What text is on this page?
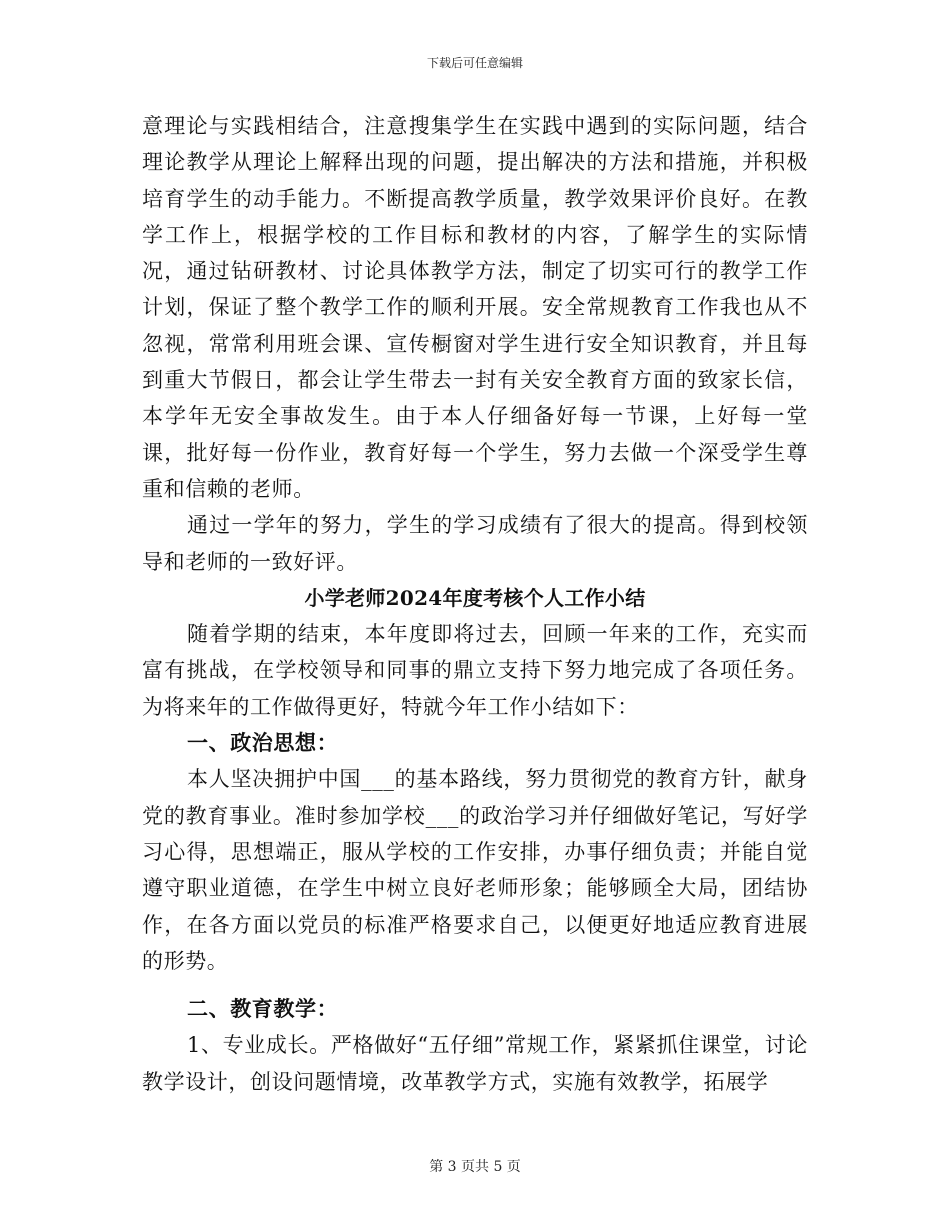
下载后可任意编辑

意理论与实践相结合，注意搜集学生在实践中遇到的实际问题，结合理论教学从理论上解释出现的问题，提出解决的方法和措施，并积极培育学生的动手能力。不断提高教学质量，教学效果评价良好。在教学工作上，根据学校的工作目标和教材的内容，了解学生的实际情况，通过钻研教材、讨论具体教学方法，制定了切实可行的教学工作计划，保证了整个教学工作的顺利开展。安全常规教育工作我也从不忽视，常常利用班会课、宣传橱窗对学生进行安全知识教育，并且每到重大节假日，都会让学生带去一封有关安全教育方面的致家长信，本学年无安全事故发生。由于本人仔细备好每一节课，上好每一堂课，批好每一份作业，教育好每一个学生，努力去做一个深受学生尊重和信赖的老师。

通过一学年的努力，学生的学习成绩有了很大的提高。得到校领导和老师的一致好评。

小学老师2024年度考核个人工作小结

随着学期的结束，本年度即将过去，回顾一年来的工作，充实而富有挑战，在学校领导和同事的鼎立支持下努力地完成了各项任务。为将来年的工作做得更好，特就今年工作小结如下：

一、政治思想：

本人坚决拥护中国___的基本路线，努力贯彻党的教育方针，献身党的教育事业。准时参加学校___的政治学习并仔细做好笔记，写好学习心得，思想端正，服从学校的工作安排，办事仔细负责；并能自觉遵守职业道德，在学生中树立良好老师形象；能够顾全大局，团结协作，在各方面以党员的标准严格要求自己，以便更好地适应教育进展的形势。

二、教育教学：

1、专业成长。严格做好“五仔细”常规工作，紧紧抓住课堂，讨论教学设计，创设问题情境，改革教学方式，实施有效教学，拓展学

第 3 页共 5 页
